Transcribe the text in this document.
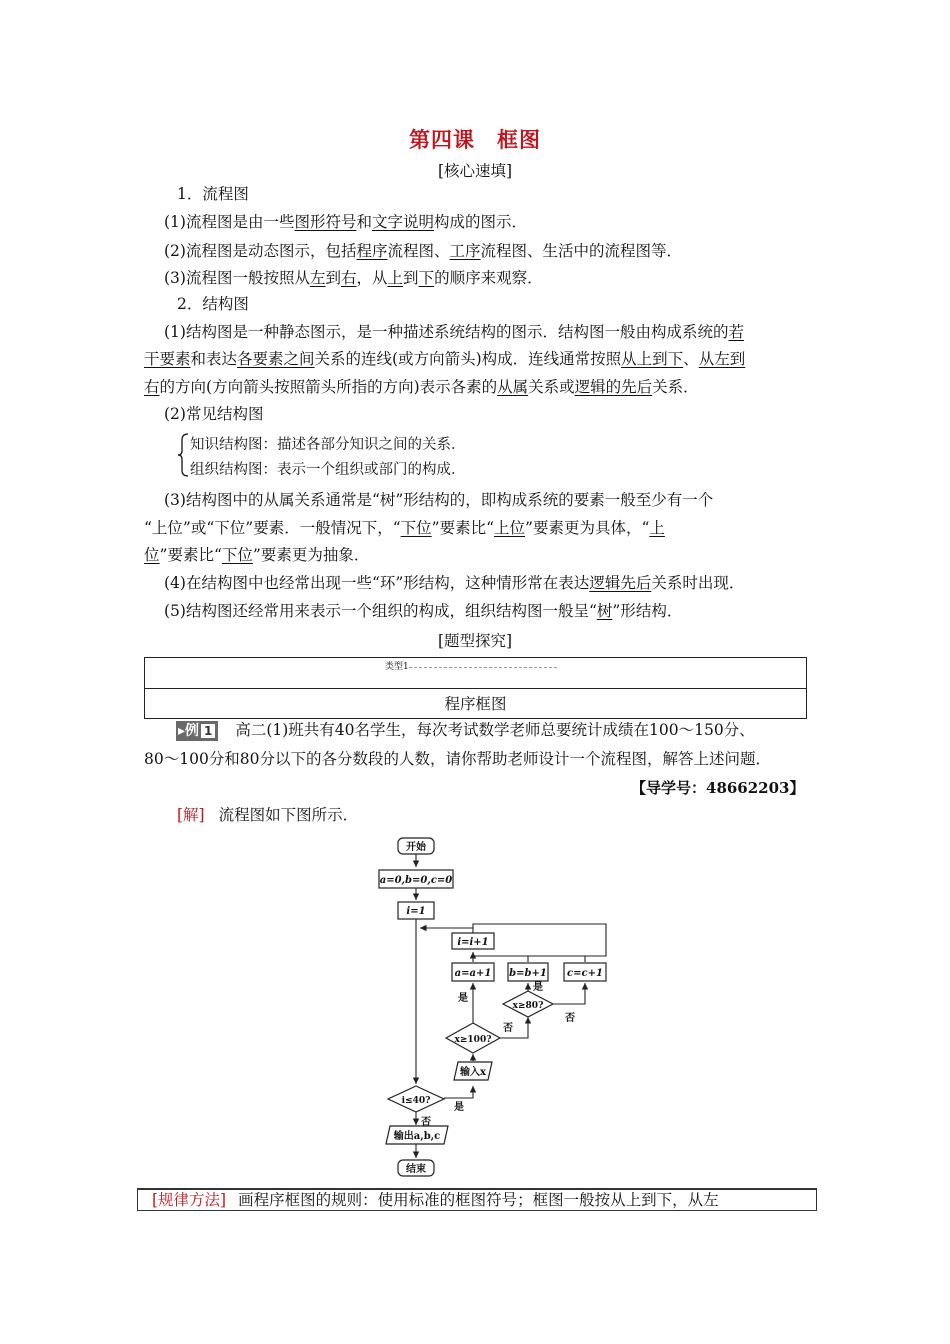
第四课　框图
[核心速填]
1．流程图
(1)流程图是由一些图形符号和文字说明构成的图示．
(2)流程图是动态图示，包括程序流程图、工序流程图、生活中的流程图等．
(3)流程图一般按照从左到右，从上到下的顺序来观察．
2．结构图
(1)结构图是一种静态图示，是一种描述系统结构的图示．结构图一般由构成系统的若
干要素和表达各要素之间关系的连线(或方向箭头)构成．连线通常按照从上到下、从左到
右的方向(方向箭头按照箭头所指的方向)表示各素的从属关系或逻辑的先后关系．
(2)常见结构图
知识结构图：描述各部分知识之间的关系．
组织结构图：表示一个组织或部门的构成．
(3)结构图中的从属关系通常是“树”形结构的，即构成系统的要素一般至少有一个
“上位”或“下位”要素．一般情况下，“下位”要素比“上位”要素更为具体，“上
位”要素比“下位”要素更为抽象．
(4)在结构图中也经常出现一些“环”形结构，这种情形常在表达逻辑先后关系时出现．
(5)结构图还经常用来表示一个组织的构成，组织结构图一般呈“树”形结构．
[题型探究]
类型1
程序框图
▸例 1 高二(1)班共有40名学生，每次考试数学老师总要统计成绩在100～150分、
80～100分和80分以下的各分数段的人数，请你帮助老师设计一个流程图，解答上述问题．
【导学号：48662203】
[解] 流程图如下图所示．
开始
a=0,b=0,c=0
i=1
i=i+1
a=a+1 b=b+1 c=c+1
x≥80?
x≥100?
输入x
i≤40?
输出a,b,c
结束
是
是
否
否
是
否
[规律方法] 画程序框图的规则：使用标准的框图符号；框图一般按从上到下，从左
